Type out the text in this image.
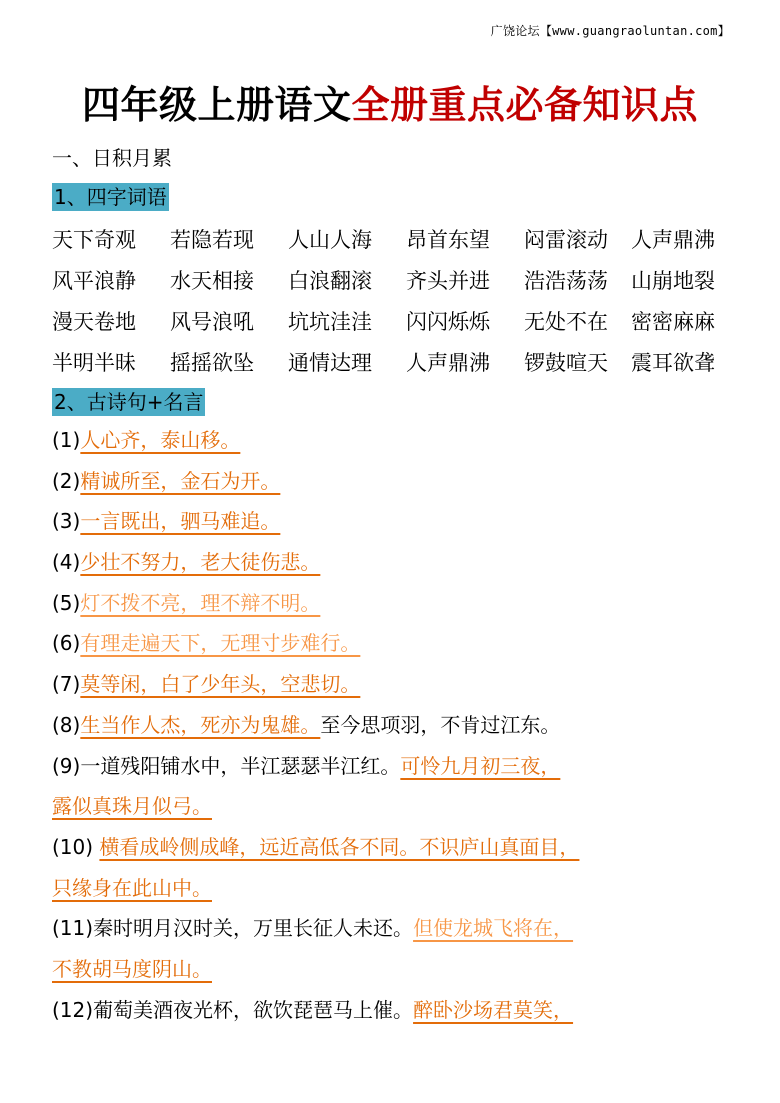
广饶论坛【www.guangraoluntan.com】
四年级上册语文全册重点必备知识点
一、日积月累
1、四字词语
天下奇观 若隐若现 人山人海 昂首东望 闷雷滚动 人声鼎沸
风平浪静 水天相接 白浪翻滚 齐头并进 浩浩荡荡 山崩地裂
漫天卷地 风号浪吼 坑坑洼洼 闪闪烁烁 无处不在 密密麻麻
半明半昧 摇摇欲坠 通情达理 人声鼎沸 锣鼓喧天 震耳欲聋
2、古诗句+名言
(1)人心齐，泰山移。
(2)精诚所至，金石为开。
(3)一言既出，驷马难追。
(4)少壮不努力，老大徒伤悲。
(5)灯不拨不亮，理不辩不明。
(6)有理走遍天下，无理寸步难行。
(7)莫等闲，白了少年头，空悲切。
(8)生当作人杰，死亦为鬼雄。至今思项羽，不肯过江东。
(9)一道残阳铺水中，半江瑟瑟半江红。可怜九月初三夜，
露似真珠月似弓。
(10) 横看成岭侧成峰，远近高低各不同。不识庐山真面目，
只缘身在此山中。
(11)秦时明月汉时关，万里长征人未还。但使龙城飞将在，
不教胡马度阴山。
(12)葡萄美酒夜光杯，欲饮琵琶马上催。醉卧沙场君莫笑，
